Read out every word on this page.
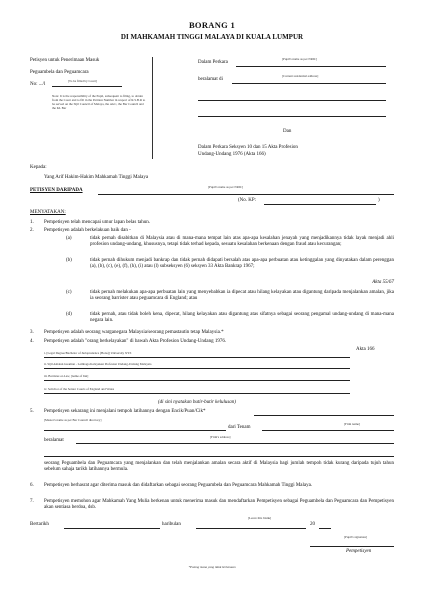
BORANG 1
DI MAHKAMAH TINGGI MALAYA DI KUALA LUMPUR
Petisyen untuk Penerimaan Masuk
Peguambela dan Peguamcara
No: .../l
[To be filled by Court]
Note: It is the responsibility of the Pupil, subsequent to filing, to obtain from the Court and to fill in the Petition Number in respect of R.S.B.R to be served on the Sijil Council of Malaya, the AGC, the Bar Council and the KL Bar
Dalam Perkara
[Pupil's name as per NRIC]
beralamat di
[Current residential address]
Dan
Dalam Perkara Seksyen 10 dan 15 Akta Profesion
Undang-Undang 1976 (Akta 166)
Kepada:
Yang Arif Hakim-Hakim Mahkamah Tinggi Malaya
PETISYEN DARIPADA
[Pupil's name as per NRIC]
(No. KP:	)
MENYATAKAN:
1. Pempetisyen telah mencapai umur lapan belas tahun.
2. Pempetisyen adalah berkelakuan baik dan -
(a)	tidak pernah disabitkan di Malaysia atau di mana-mana tempat lain atas apa-apa kesalahan jenayah yang menjadikannya tidak layak menjadi ahli profesion undang-undang, khususnya, tetapi tidak terhad kepada, sesuatu kesalahan berkenaan dengan fraud atau kecurangan;
(b)	tidak pernah dihukum menjadi bankrap dan tidak pernah didapati bersalah atas apa-apa perbuatan atau ketinggalan yang dinyatakan dalam perenggan (a), (b), (c), (e), (f), (h), (i) atau (l) subseksyen (6) seksyen 33 Akta Bankrap 1967;
Akta 55/67
(c)	tidak pernah melakukan apa-apa perbuatan lain yang menyebabkan ia dipecat atau hilang kelayakan atau digantung daripada menjalankan amalan, jika ia seorang barrister atau peguamcara di England; atau
(d)	tidak pernah, atau tidak boleh kena, dipecat, hilang kelayakan atau digantung atas sifatnya sebagai seorang pengamal undang-undang di mana-mana negara lain.
3. Pempetisyen adalah seorang warganegara Malaysia/seorang pemastautin tetap Malaysia.*
4. Pempetisyen adalah "orang berkelayakan" di bawah Akta Profesion Undang-Undang 1976.
Akta 166
i. [Legal Degree/Bachelor of Jurisprudence (Hons)] University XYZ
ii. Sijil Amalan Guaman - Lembaga Kelayakan Profesion Undang-Undang Malaysia
iii. Barrister-at-Law, [name of Inn]
iv. Solicitor of the Senior Courts of England and Wales
(di sini nyatakan butir-butir kelulusan)
5. Pempetisyen sekarang ini menjalani tempoh latihannya dengan Encik/Puan/Cik*
[Master's name as per Bar Council directory]
dari Tenam
[Firm name]
beralamat
[Firm's address]
seorang Peguambela dan Peguamcara yang menjalankan dan telah menjalankan amalan secara aktif di Malaysia bagi jumlah tempoh tidak kurang daripada tujuh tahun sebelum sahaja tarikh latihannya bermula.
6. Pempetisyen berhasrat agar diterima masuk dan didaftarkan sebagai seorang Peguambela dan Peguamcara Mahkamah Tinggi Malaya.
7. Pempetisyen memohon agar Mahkamah Yang Mulia berkenan untuk menerima masuk dan mendaftarkan Pempetisyen sebagai Peguambela dan Peguamcara dan Pempetisyen akan sentiasa berdoa, dsb.
Bertarikh	haribulan
[Leave this blank]
20
[Pupil's signature]
Pempetisyen
*Potong mana yang tidak berkenaan
